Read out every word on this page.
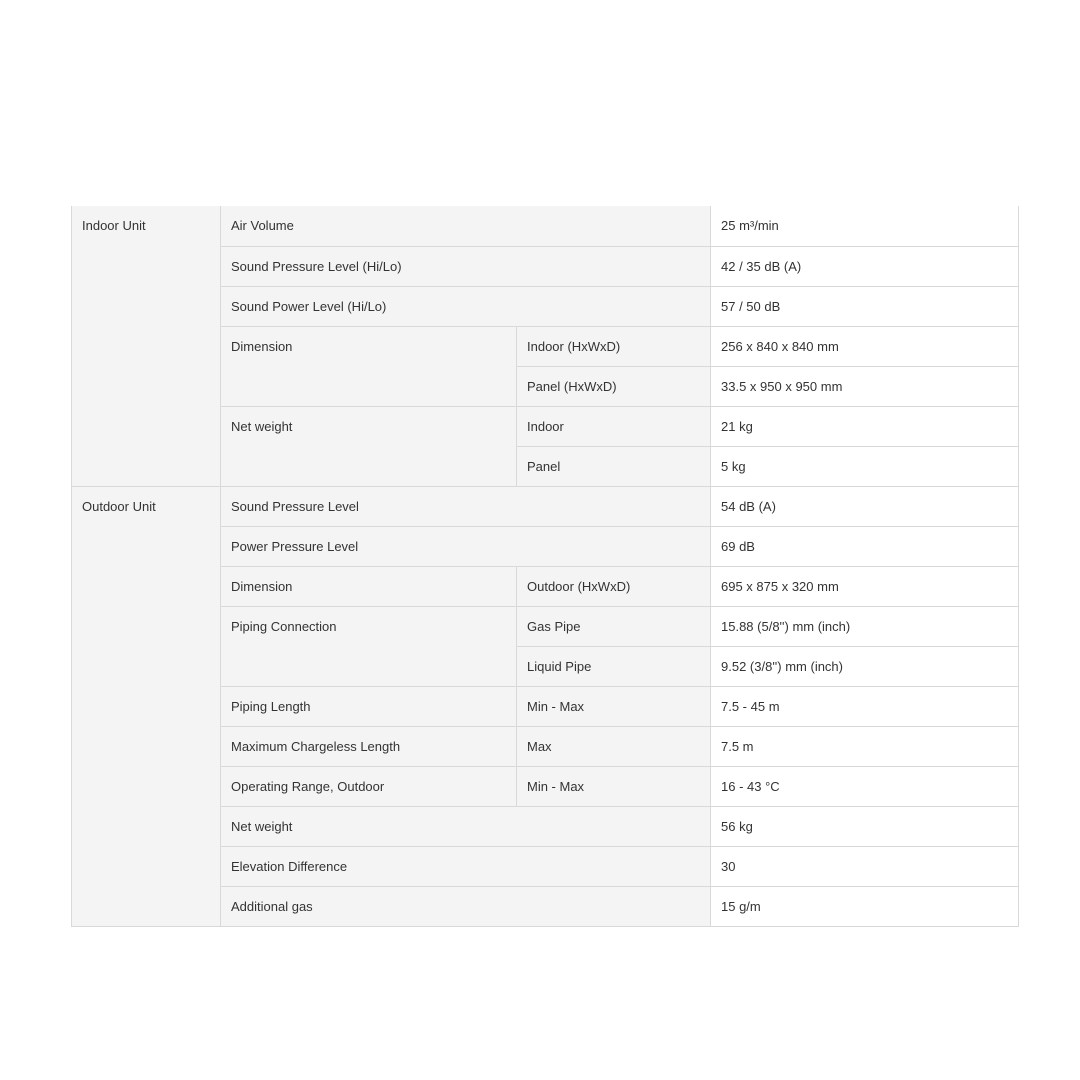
Indoor Unit	Air Volume		25 m³/min
	Sound Pressure Level (Hi/Lo)		42 / 35 dB (A)
	Sound Power Level (Hi/Lo)		57 / 50 dB
	Dimension	Indoor (HxWxD)	256 x 840 x 840 mm
		Panel (HxWxD)	33.5 x 950 x 950 mm
	Net weight	Indoor	21 kg
		Panel	5 kg
Outdoor Unit	Sound Pressure Level		54 dB (A)
	Power Pressure Level		69 dB
	Dimension	Outdoor (HxWxD)	695 x 875 x 320 mm
	Piping Connection	Gas Pipe	15.88 (5/8'') mm (inch)
		Liquid Pipe	9.52 (3/8'') mm (inch)
	Piping Length	Min - Max	7.5 - 45 m
	Maximum Chargeless Length	Max	7.5 m
	Operating Range, Outdoor	Min - Max	16 - 43 °C
	Net weight		56 kg
	Elevation Difference		30
	Additional gas		15 g/m
